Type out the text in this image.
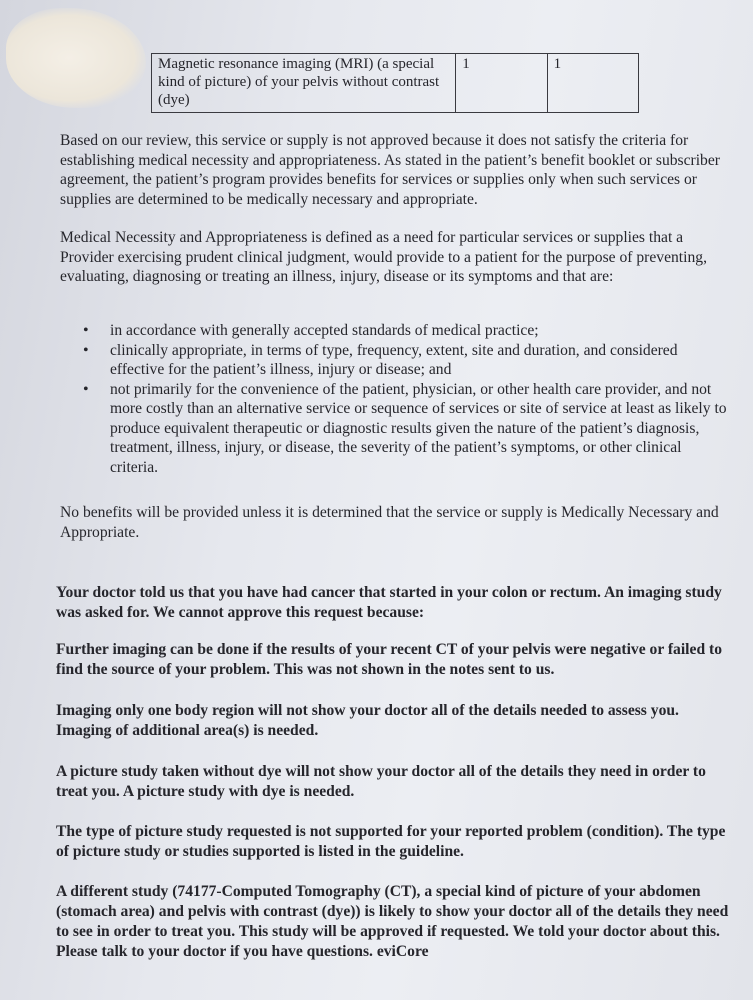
Magnetic resonance imaging (MRI) (a special kind of picture) of your pelvis without contrast (dye)	1	1

Based on our review, this service or supply is not approved because it does not satisfy the criteria for establishing medical necessity and appropriateness. As stated in the patient’s benefit booklet or subscriber agreement, the patient’s program provides benefits for services or supplies only when such services or supplies are determined to be medically necessary and appropriate.

Medical Necessity and Appropriateness is defined as a need for particular services or supplies that a Provider exercising prudent clinical judgment, would provide to a patient for the purpose of preventing, evaluating, diagnosing or treating an illness, injury, disease or its symptoms and that are:

• in accordance with generally accepted standards of medical practice;
• clinically appropriate, in terms of type, frequency, extent, site and duration, and considered effective for the patient’s illness, injury or disease; and
• not primarily for the convenience of the patient, physician, or other health care provider, and not more costly than an alternative service or sequence of services or site of service at least as likely to produce equivalent therapeutic or diagnostic results given the nature of the patient’s diagnosis, treatment, illness, injury, or disease, the severity of the patient’s symptoms, or other clinical criteria.

No benefits will be provided unless it is determined that the service or supply is Medically Necessary and Appropriate.

Your doctor told us that you have had cancer that started in your colon or rectum. An imaging study was asked for. We cannot approve this request because:
Further imaging can be done if the results of your recent CT of your pelvis were negative or failed to find the source of your problem. This was not shown in the notes sent to us.
Imaging only one body region will not show your doctor all of the details needed to assess you. Imaging of additional area(s) is needed.
A picture study taken without dye will not show your doctor all of the details they need in order to treat you. A picture study with dye is needed.
The type of picture study requested is not supported for your reported problem (condition). The type of picture study or studies supported is listed in the guideline.
A different study (74177-Computed Tomography (CT), a special kind of picture of your abdomen (stomach area) and pelvis with contrast (dye)) is likely to show your doctor all of the details they need to see in order to treat you. This study will be approved if requested. We told your doctor about this. Please talk to your doctor if you have questions. eviCore
